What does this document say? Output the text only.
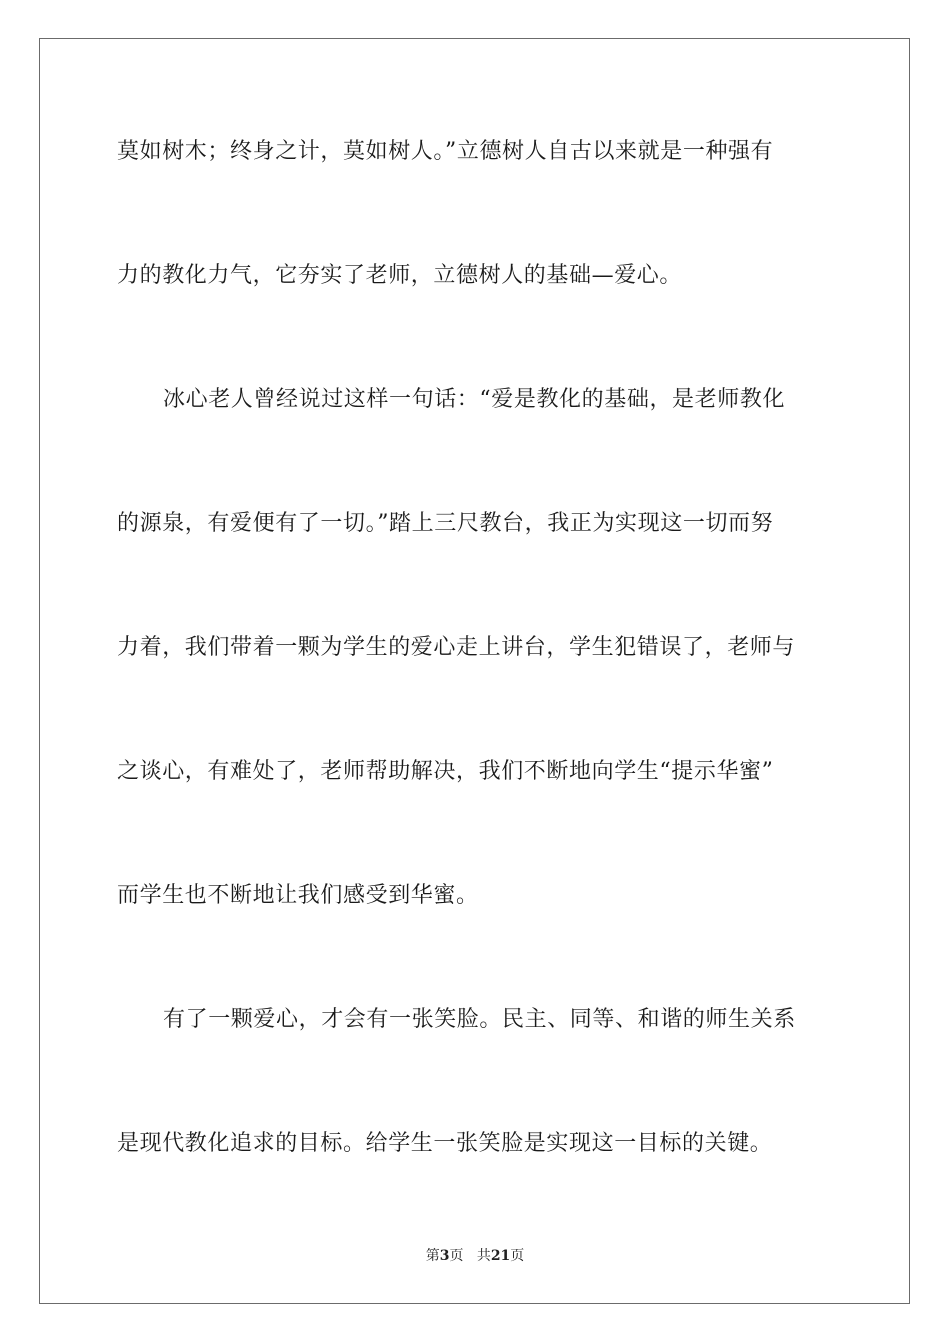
莫如树木；终身之计，莫如树人。”立德树人自古以来就是一种强有
力的教化力气，它夯实了老师，立德树人的基础—爱心。
冰心老人曾经说过这样一句话：“爱是教化的基础，是老师教化
的源泉，有爱便有了一切。”踏上三尺教台，我正为实现这一切而努
力着，我们带着一颗为学生的爱心走上讲台，学生犯错误了，老师与
之谈心，有难处了，老师帮助解决，我们不断地向学生“提示华蜜”
而学生也不断地让我们感受到华蜜。
有了一颗爱心，才会有一张笑脸。民主、同等、和谐的师生关系
是现代教化追求的目标。给学生一张笑脸是实现这一目标的关键。
第3页 共21页
